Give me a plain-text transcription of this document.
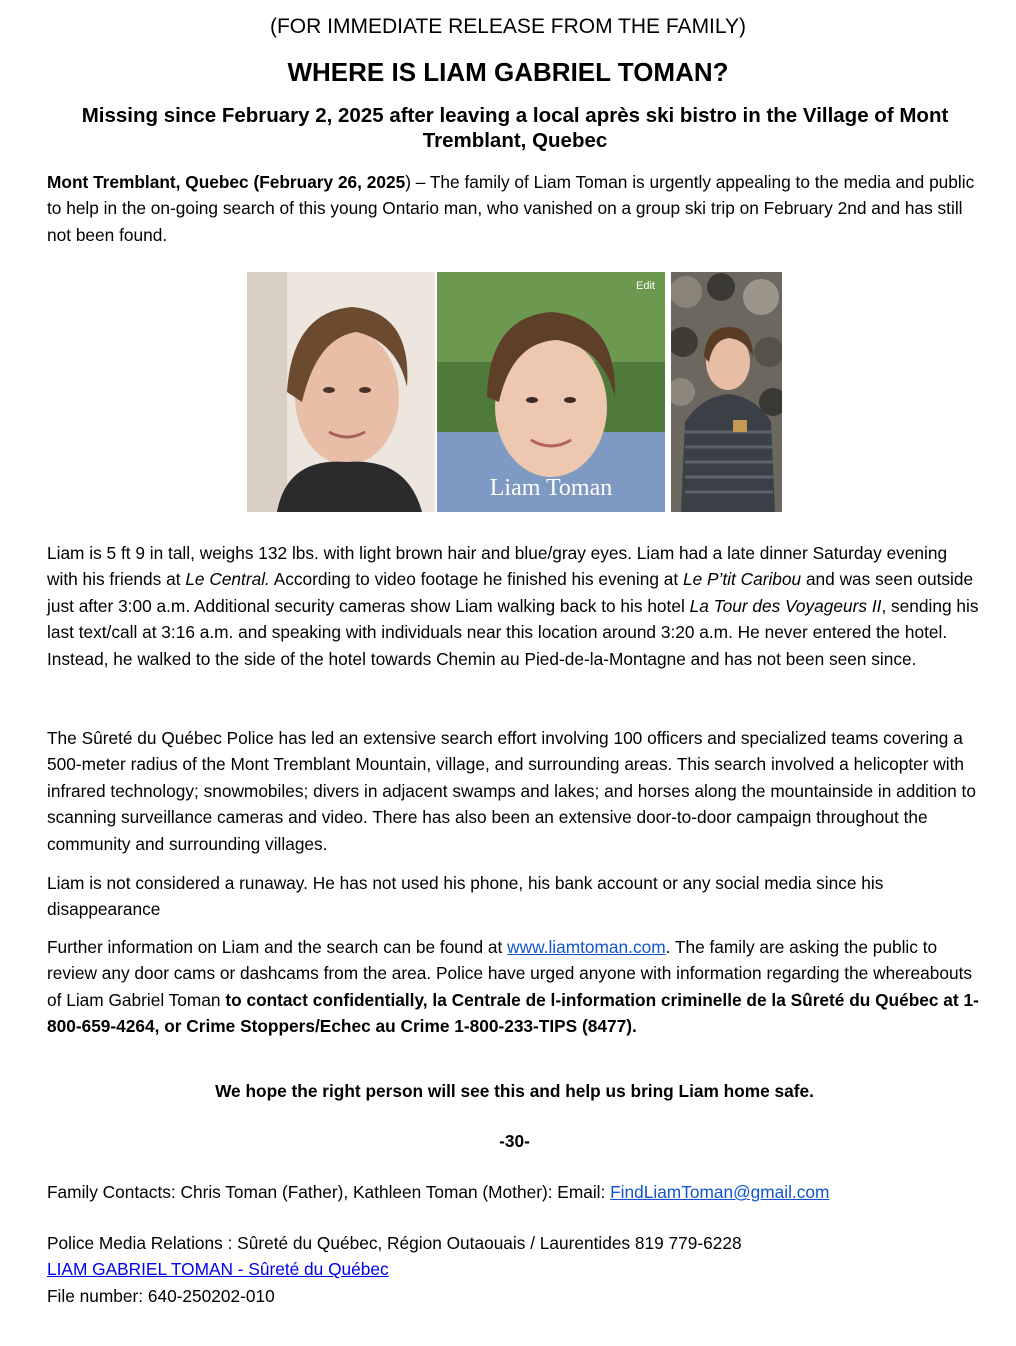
(FOR IMMEDIATE RELEASE FROM THE FAMILY)
WHERE IS LIAM GABRIEL TOMAN?
Missing since February 2, 2025 after leaving a local après ski bistro in the Village of Mont Tremblant, Quebec
Mont Tremblant, Quebec (February 26, 2025) – The family of Liam Toman is urgently appealing to the media and public to help in the on-going search of this young Ontario man, who vanished on a group ski trip on February 2nd and has still not been found.
Edit
Liam Toman
Liam is 5 ft 9 in tall, weighs 132 lbs. with light brown hair and blue/gray eyes. Liam had a late dinner Saturday evening with his friends at Le Central. According to video footage he finished his evening at Le P’tit Caribou and was seen outside just after 3:00 a.m. Additional security cameras show Liam walking back to his hotel La Tour des Voyageurs II, sending his last text/call at 3:16 a.m. and speaking with individuals near this location around 3:20 a.m. He never entered the hotel. Instead, he walked to the side of the hotel towards Chemin au Pied-de-la-Montagne and has not been seen since.
The Sûreté du Québec Police has led an extensive search effort involving 100 officers and specialized teams covering a 500-meter radius of the Mont Tremblant Mountain, village, and surrounding areas. This search involved a helicopter with infrared technology; snowmobiles; divers in adjacent swamps and lakes; and horses along the mountainside in addition to scanning surveillance cameras and video. There has also been an extensive door-to-door campaign throughout the community and surrounding villages.
Liam is not considered a runaway. He has not used his phone, his bank account or any social media since his disappearance
Further information on Liam and the search can be found at www.liamtoman.com. The family are asking the public to review any door cams or dashcams from the area. Police have urged anyone with information regarding the whereabouts of Liam Gabriel Toman to contact confidentially, la Centrale de l-information criminelle de la Sûreté du Québec at 1-800-659-4264, or Crime Stoppers/Echec au Crime 1-800-233-TIPS (8477).
We hope the right person will see this and help us bring Liam home safe.
-30-
Family Contacts: Chris Toman (Father), Kathleen Toman (Mother): Email: FindLiamToman@gmail.com
Police Media Relations : Sûreté du Québec, Région Outaouais / Laurentides 819 779-6228
LIAM GABRIEL TOMAN - Sûreté du Québec
File number: 640-250202-010
